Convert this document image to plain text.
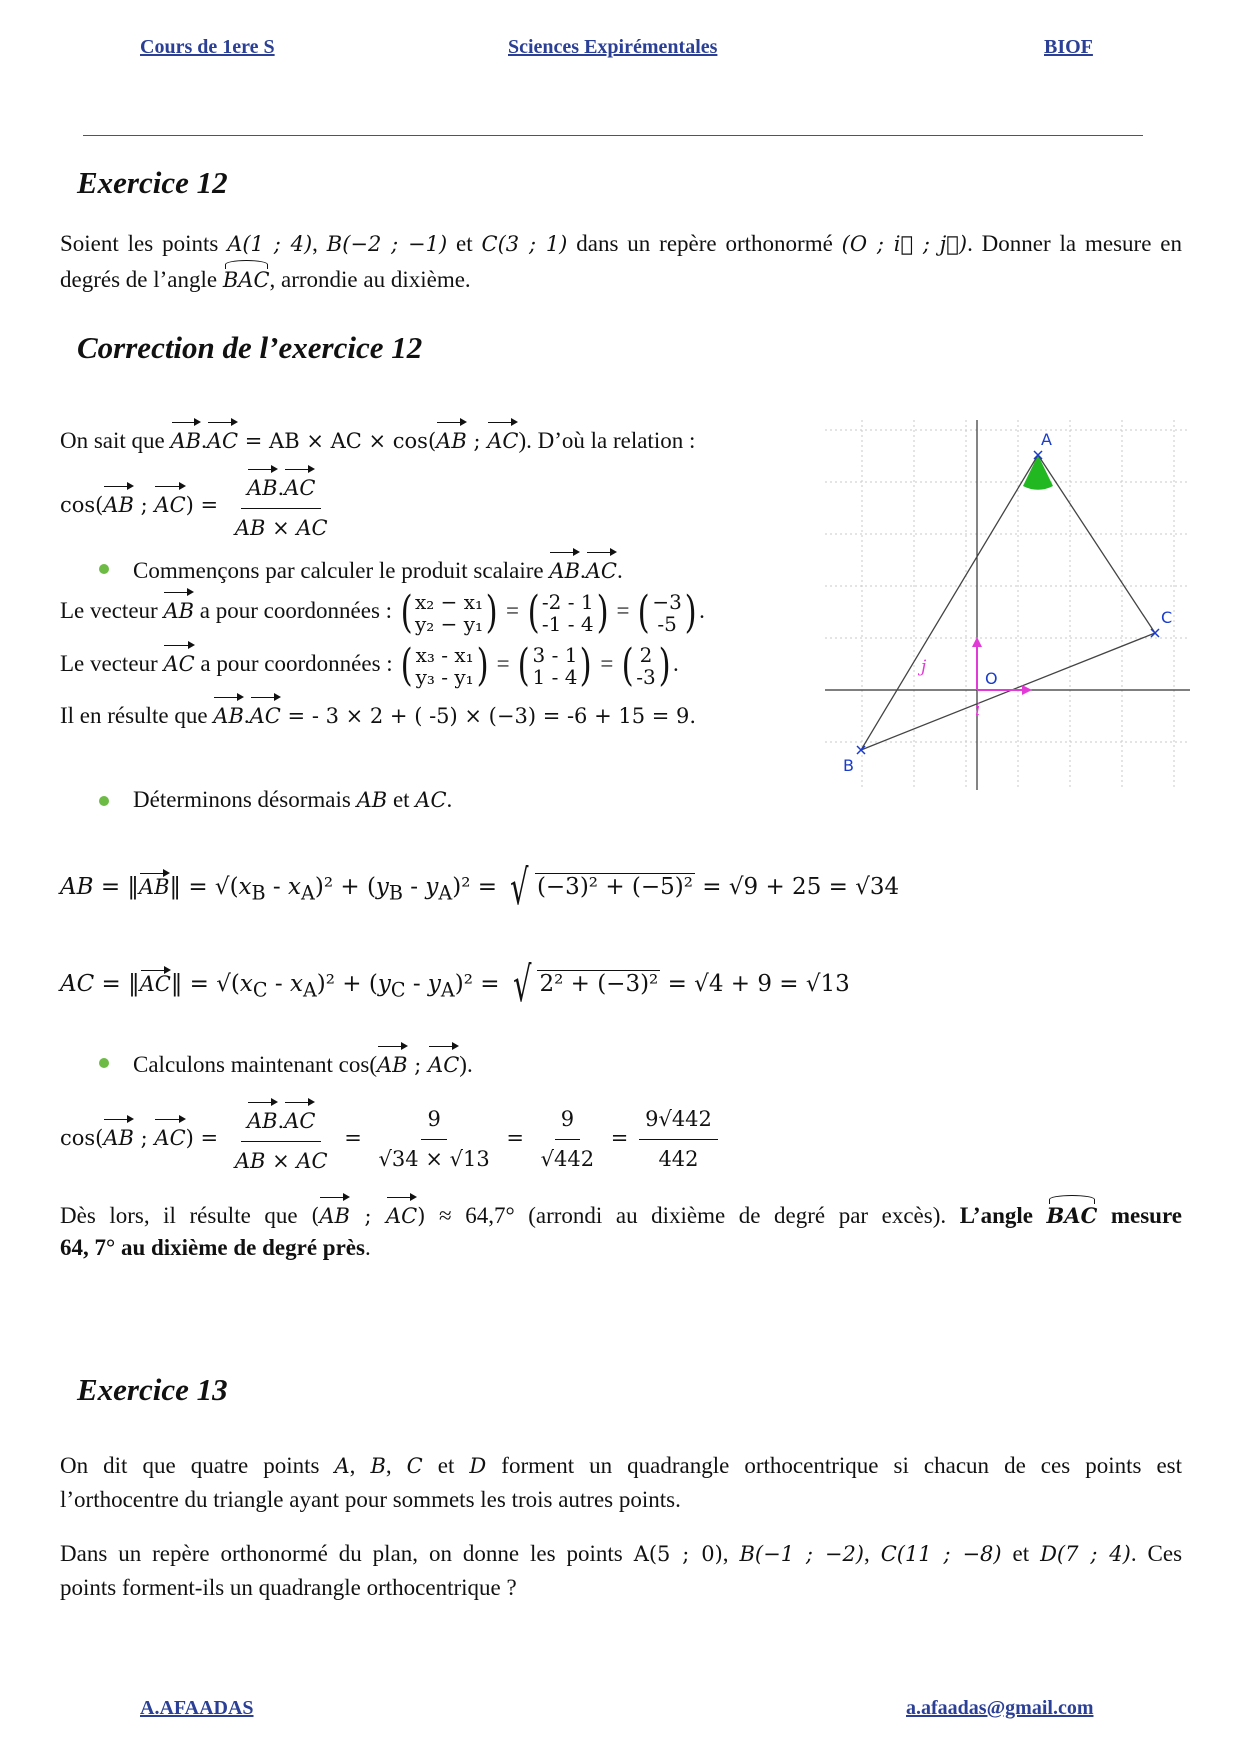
Cours de 1ere S	Sciences Expirémentales	BIOF
Exercice 12
Soient les points A(1 ; 4), B(−2 ; −1) et C(3 ; 1) dans un repère orthonormé (O ; i⃗ ; j⃗). Donner la mesure en
degrés de l’angle BAC, arrondie au dixième.
Correction de l’exercice 12
On sait que AB.AC = AB × AC × cos(AB ; AC). D’où la relation :
cos(AB ; $AC) = \frac{AB.AC}{AB \times AC}$
Commençons par calculer le produit scalaire AB.AC.
Le vecteur AB a pour coordonnées : ( x₂ − x₁
y₂ − y₁ ) = ( -2 - 1
-1 - 4 ) = ( −3
-5 ) .
Le vecteur AC a pour coordonnées : ( x₃ - x₁
y₃ - y₁ ) = ( 3 - 1
1 - 4 ) = ( 2
-3 ) .
Il en résulte que AB.AC = - 3 × 2 + ( -5) × (−3) = -6 + 15 = 9.
A
B
C
O
j
i
Déterminons désormais AB et AC.
AB = ‖AB‖ = $√(x_B - x_A)^2 + (y_B - y_A)^2$ = √ (−3)² + (−5)² = √9 + 25 = √34
AC = ‖AC‖ = $√(x_C - x_A)^2 + (y_C - y_A)^2$ = √ 2² + (−3)² = √4 + 9 = √13
Calculons maintenant cos(AB ; AC).
cos(AB ; $AC) = \frac{AB.AC}{AB \times AC} = \frac{9}{√34 \times √13} = \frac{9}{√442} = \frac{9√442}{442}$
Dès lors, il résulte que (AB ; AC) ≈ 64,7° (arrondi au dixième de degré par excès). L’angle BAC mesure
64, 7° au dixième de degré près.
Exercice 13
On dit que quatre points A, B, C et D forment un quadrangle orthocentrique si chacun de ces points est
l’orthocentre du triangle ayant pour sommets les trois autres points.
Dans un repère orthonormé du plan, on donne les points A(5 ; 0), B(−1 ; −2), C(11 ; −8) et D(7 ; 4). Ces
points forment-ils un quadrangle orthocentrique ?
A.AFAADAS	a.afaadas@gmail.com
